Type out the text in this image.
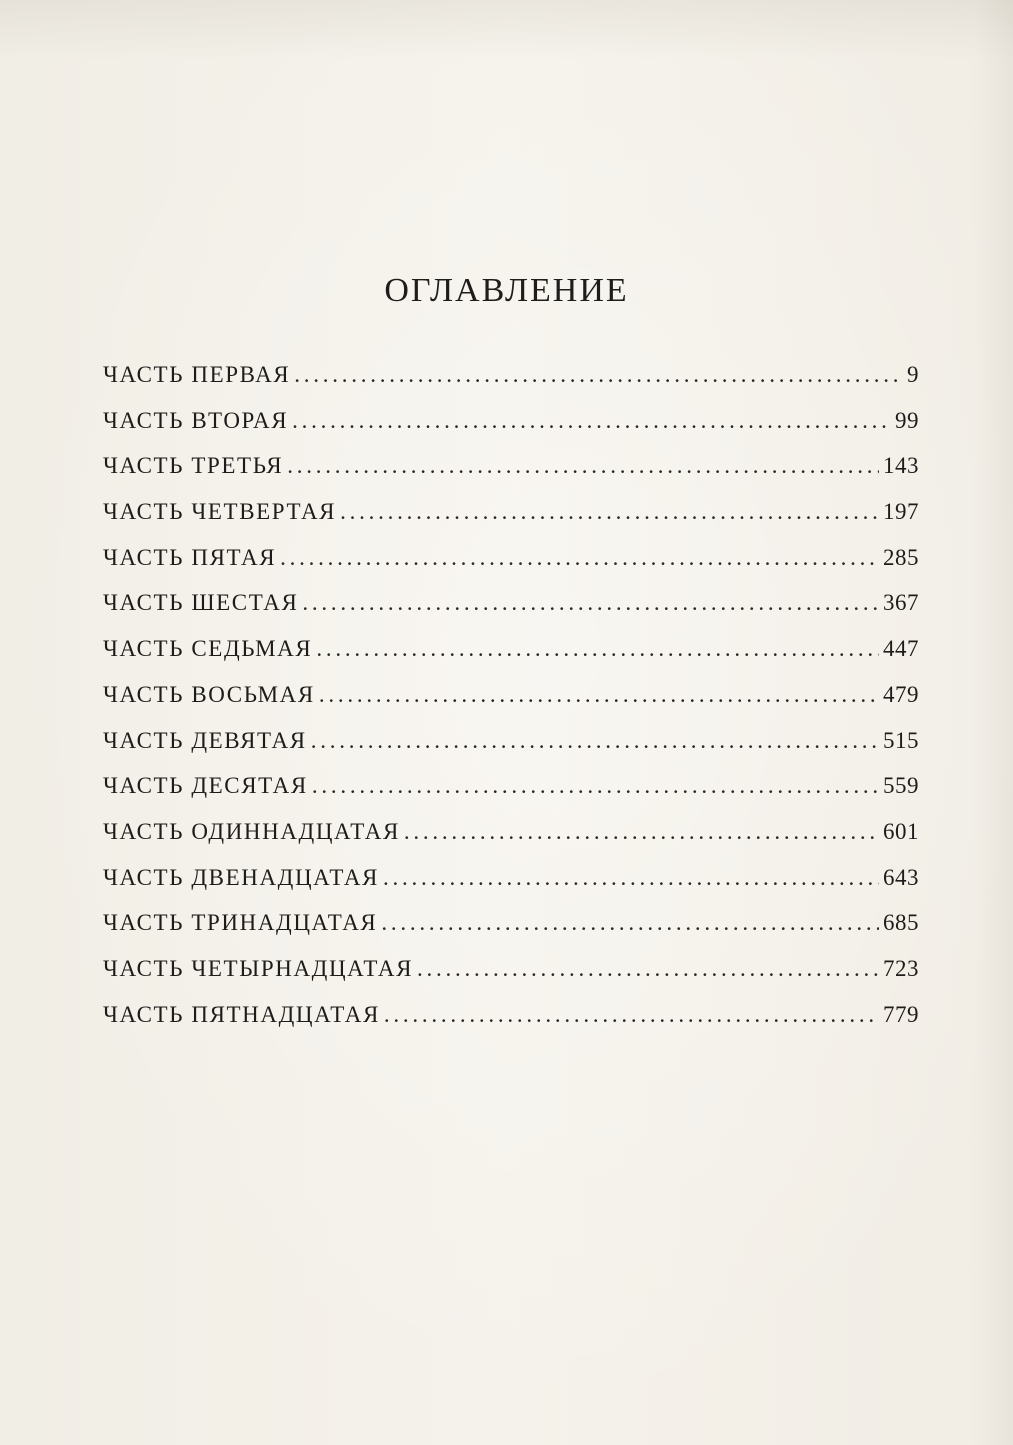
ОГЛАВЛЕНИЕ
ЧАСТЬ ПЕРВАЯ . . .	9
ЧАСТЬ ВТОРАЯ . . .	99
ЧАСТЬ ТРЕТЬЯ . . .	143
ЧАСТЬ ЧЕТВЕРТАЯ . . .	197
ЧАСТЬ ПЯТАЯ . . .	285
ЧАСТЬ ШЕСТАЯ . . .	367
ЧАСТЬ СЕДЬМАЯ . . .	447
ЧАСТЬ ВОСЬМАЯ . . .	479
ЧАСТЬ ДЕВЯТАЯ . . .	515
ЧАСТЬ ДЕСЯТАЯ . . .	559
ЧАСТЬ ОДИННАДЦАТАЯ . . .	601
ЧАСТЬ ДВЕНАДЦАТАЯ . . .	643
ЧАСТЬ ТРИНАДЦАТАЯ . . .	685
ЧАСТЬ ЧЕТЫРНАДЦАТАЯ . . .	723
ЧАСТЬ ПЯТНАДЦАТАЯ . . .	779
